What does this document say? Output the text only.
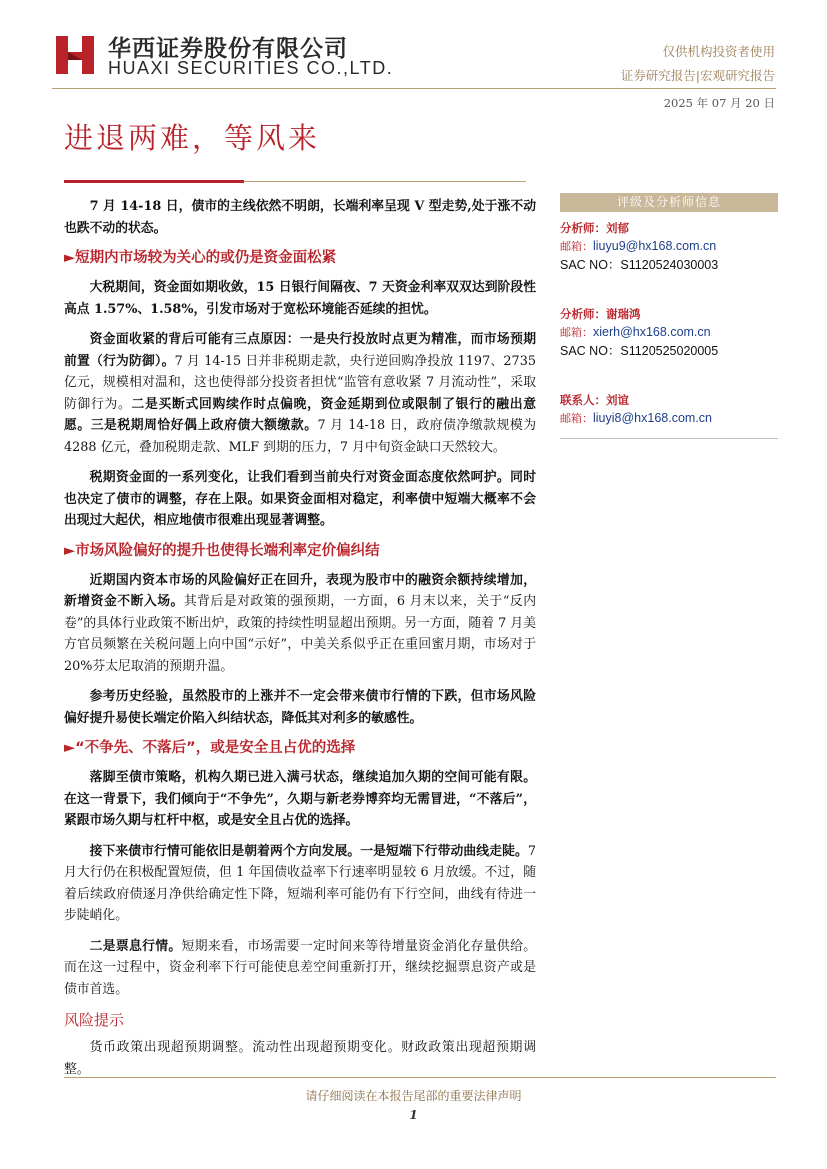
华西证券股份有限公司
HUAXI SECURITIES CO.,LTD.
仅供机构投资者使用
证券研究报告|宏观研究报告
2025 年 07 月 20 日
进退两难，等风来

7 月 14-18 日，债市的主线依然不明朗，长端利率呈现 V 型走势,处于涨不动也跌不动的状态。

►短期内市场较为关心的或仍是资金面松紧

大税期间，资金面如期收敛，15 日银行间隔夜、7 天资金利率双双达到阶段性高点 1.57%、1.58%，引发市场对于宽松环境能否延续的担忧。

资金面收紧的背后可能有三点原因：一是央行投放时点更为精准，而市场预期前置（行为防御）。7 月 14-15 日并非税期走款，央行逆回购净投放 1197、2735 亿元，规模相对温和，这也使得部分投资者担忧“监管有意收紧 7 月流动性”，采取防御行为。二是买断式回购续作时点偏晚，资金延期到位或限制了银行的融出意愿。三是税期周恰好偶上政府债大额缴款。7 月 14-18 日，政府债净缴款规模为 4288 亿元，叠加税期走款、MLF 到期的压力，7 月中旬资金缺口天然较大。

税期资金面的一系列变化，让我们看到当前央行对资金面态度依然呵护。同时也决定了债市的调整，存在上限。如果资金面相对稳定，利率债中短端大概率不会出现过大起伏，相应地债市很难出现显著调整。

►市场风险偏好的提升也使得长端利率定价偏纠结

近期国内资本市场的风险偏好正在回升，表现为股市中的融资余额持续增加，新增资金不断入场。其背后是对政策的强预期，一方面，6 月末以来，关于“反内卷”的具体行业政策不断出炉，政策的持续性明显超出预期。另一方面，随着 7 月美方官员频繁在关税问题上向中国“示好”，中美关系似乎正在重回蜜月期，市场对于 20%芬太尼取消的预期升温。

参考历史经验，虽然股市的上涨并不一定会带来债市行情的下跌，但市场风险偏好提升易使长端定价陷入纠结状态，降低其对利多的敏感性。

►“不争先、不落后”，或是安全且占优的选择

落脚至债市策略，机构久期已进入满弓状态，继续追加久期的空间可能有限。在这一背景下，我们倾向于“不争先”，久期与新老券博弈均无需冒进，“不落后”，紧跟市场久期与杠杆中枢，或是安全且占优的选择。

接下来债市行情可能依旧是朝着两个方向发展。一是短端下行带动曲线走陡。7 月大行仍在积极配置短债，但 1 年国债收益率下行速率明显较 6 月放缓。不过，随着后续政府债逐月净供给确定性下降，短端利率可能仍有下行空间，曲线有待进一步陡峭化。

二是票息行情。短期来看，市场需要一定时间来等待增量资金消化存量供给。而在这一过程中，资金利率下行可能使息差空间重新打开，继续挖掘票息资产或是债市首选。

风险提示

货币政策出现超预期调整。流动性出现超预期变化。财政政策出现超预期调整。

评级及分析师信息
分析师：刘郁
邮箱：liuyu9@hx168.com.cn
SAC NO：S1120524030003
分析师：谢瑞鸿
邮箱：xierh@hx168.com.cn
SAC NO：S1120525020005
联系人：刘谊
邮箱：liuyi8@hx168.com.cn
请仔细阅读在本报告尾部的重要法律声明
1
